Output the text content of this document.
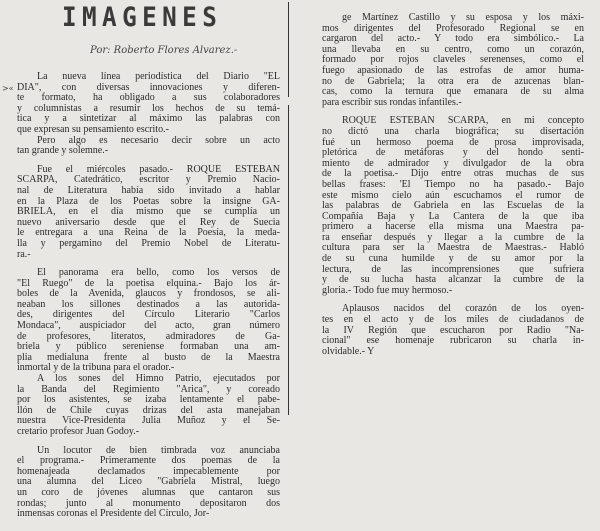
IMAGENES
Por: Roberto Flores Alvarez.-
>«
La nueva línea periodística del Diario "EL
DIA", con diversas innovaciones y diferen-
te formato, ha obligado a sus colaboradores
y columnistas a resumir los hechos de su temá-
tica y a sintetizar al máximo las palabras con
que expresan su pensamiento escrito.-
Pero algo es necesario decir sobre un acto
tan grande y solemne.-
Fue el miércoles pasado.- ROQUE ESTEBAN
SCARPA, Catedrático, escritor y Premio Nacio-
nal de Literatura había sido invitado a hablar
en la Plaza de los Poetas sobre la insigne GA-
BRIELA, en el día mismo que se cumplía un
nuevo aniversario desde que el Rey de Suecia
le entregara a una Reina de la Poesía, la meda-
lla y pergamino del Premio Nobel de Literatu-
ra.-
El panorama era bello, como los versos de
"El Ruego" de la poetisa elquina.- Bajo los ár-
boles de la Avenida, glaucos y frondosos, se ali-
neaban los sillones destinados a las autorida-
des, dirigentes del Círculo Literario "Carlos
Mondaca", auspiciador del acto, gran número
de profesores, literatos, admiradores de Ga-
briela y público sereniense formaban una am-
plia medialuna frente al busto de la Maestra
inmortal y de la tribuna para el orador.-
A los sones del Himno Patrio, ejecutados por
la Banda del Regimiento "Arica", y coreado
por los asistentes, se izaba lentamente el pabe-
llón de Chile cuyas drizas del asta manejaban
nuestra Vice-Presidenta Julia Muñoz y el Se-
cretario profesor Juan Godoy.-
Un locutor de bien timbrada voz anunciaba
el programa.- Primeramente dos poemas de la
homenajeada declamados impecablemente por
una alumna del Liceo "Gabriela Mistral, luego
un coro de jóvenes alumnas que cantaron sus
rondas; junto al monumento depositaron dos
inmensas coronas el Presidente del Círculo, Jor-
ge Martínez Castillo y su esposa y los máxi-
mos dirigentes del Profesorado Regional se en
cargaron del acto.- Y todo era simbólico.- La
una llevaba en su centro, como un corazón,
formado por rojos claveles serenenses, como el
fuego apasionado de las estrofas de amor huma-
no de Gabriela; la otra era de azucenas blan-
cas, como la ternura que emanara de su alma
para escribir sus rondas infantiles.-
ROQUE ESTEBAN SCARPA, en mi concepto
no dictó una charla biográfica; su disertación
fué un hermoso poema de prosa improvisada,
pletórica de metáforas y del hondo senti-
miento de admirador y divulgador de la obra
de la poetisa.- Dijo entre otras muchas de sus
bellas frases: 'El Tiempo no ha pasado.- Bajo
este mismo cielo aún escuchamos el rumor de
las palabras de Gabriela en las Escuelas de la
Compañía Baja y La Cantera de la que iba
primero a hacerse ella misma una Maestra pa-
ra enseñar después y llegar a la cumbre de la
cultura para ser la Maestra de Maestras.- Habló
de su cuna humilde y de su amor por la
lectura, de las incomprensiones que sufriera
y de su lucha hasta alcanzar la cumbre de la
gloria.- Todo fue muy hermoso.-
Aplausos nacidos del corazón de los oyen-
tes en el acto y de los miles de ciudadanos de
la IV Región que escucharon por Radio "Na-
cional" ese homenaje rubricaron su charla in-
olvidable.- Y
